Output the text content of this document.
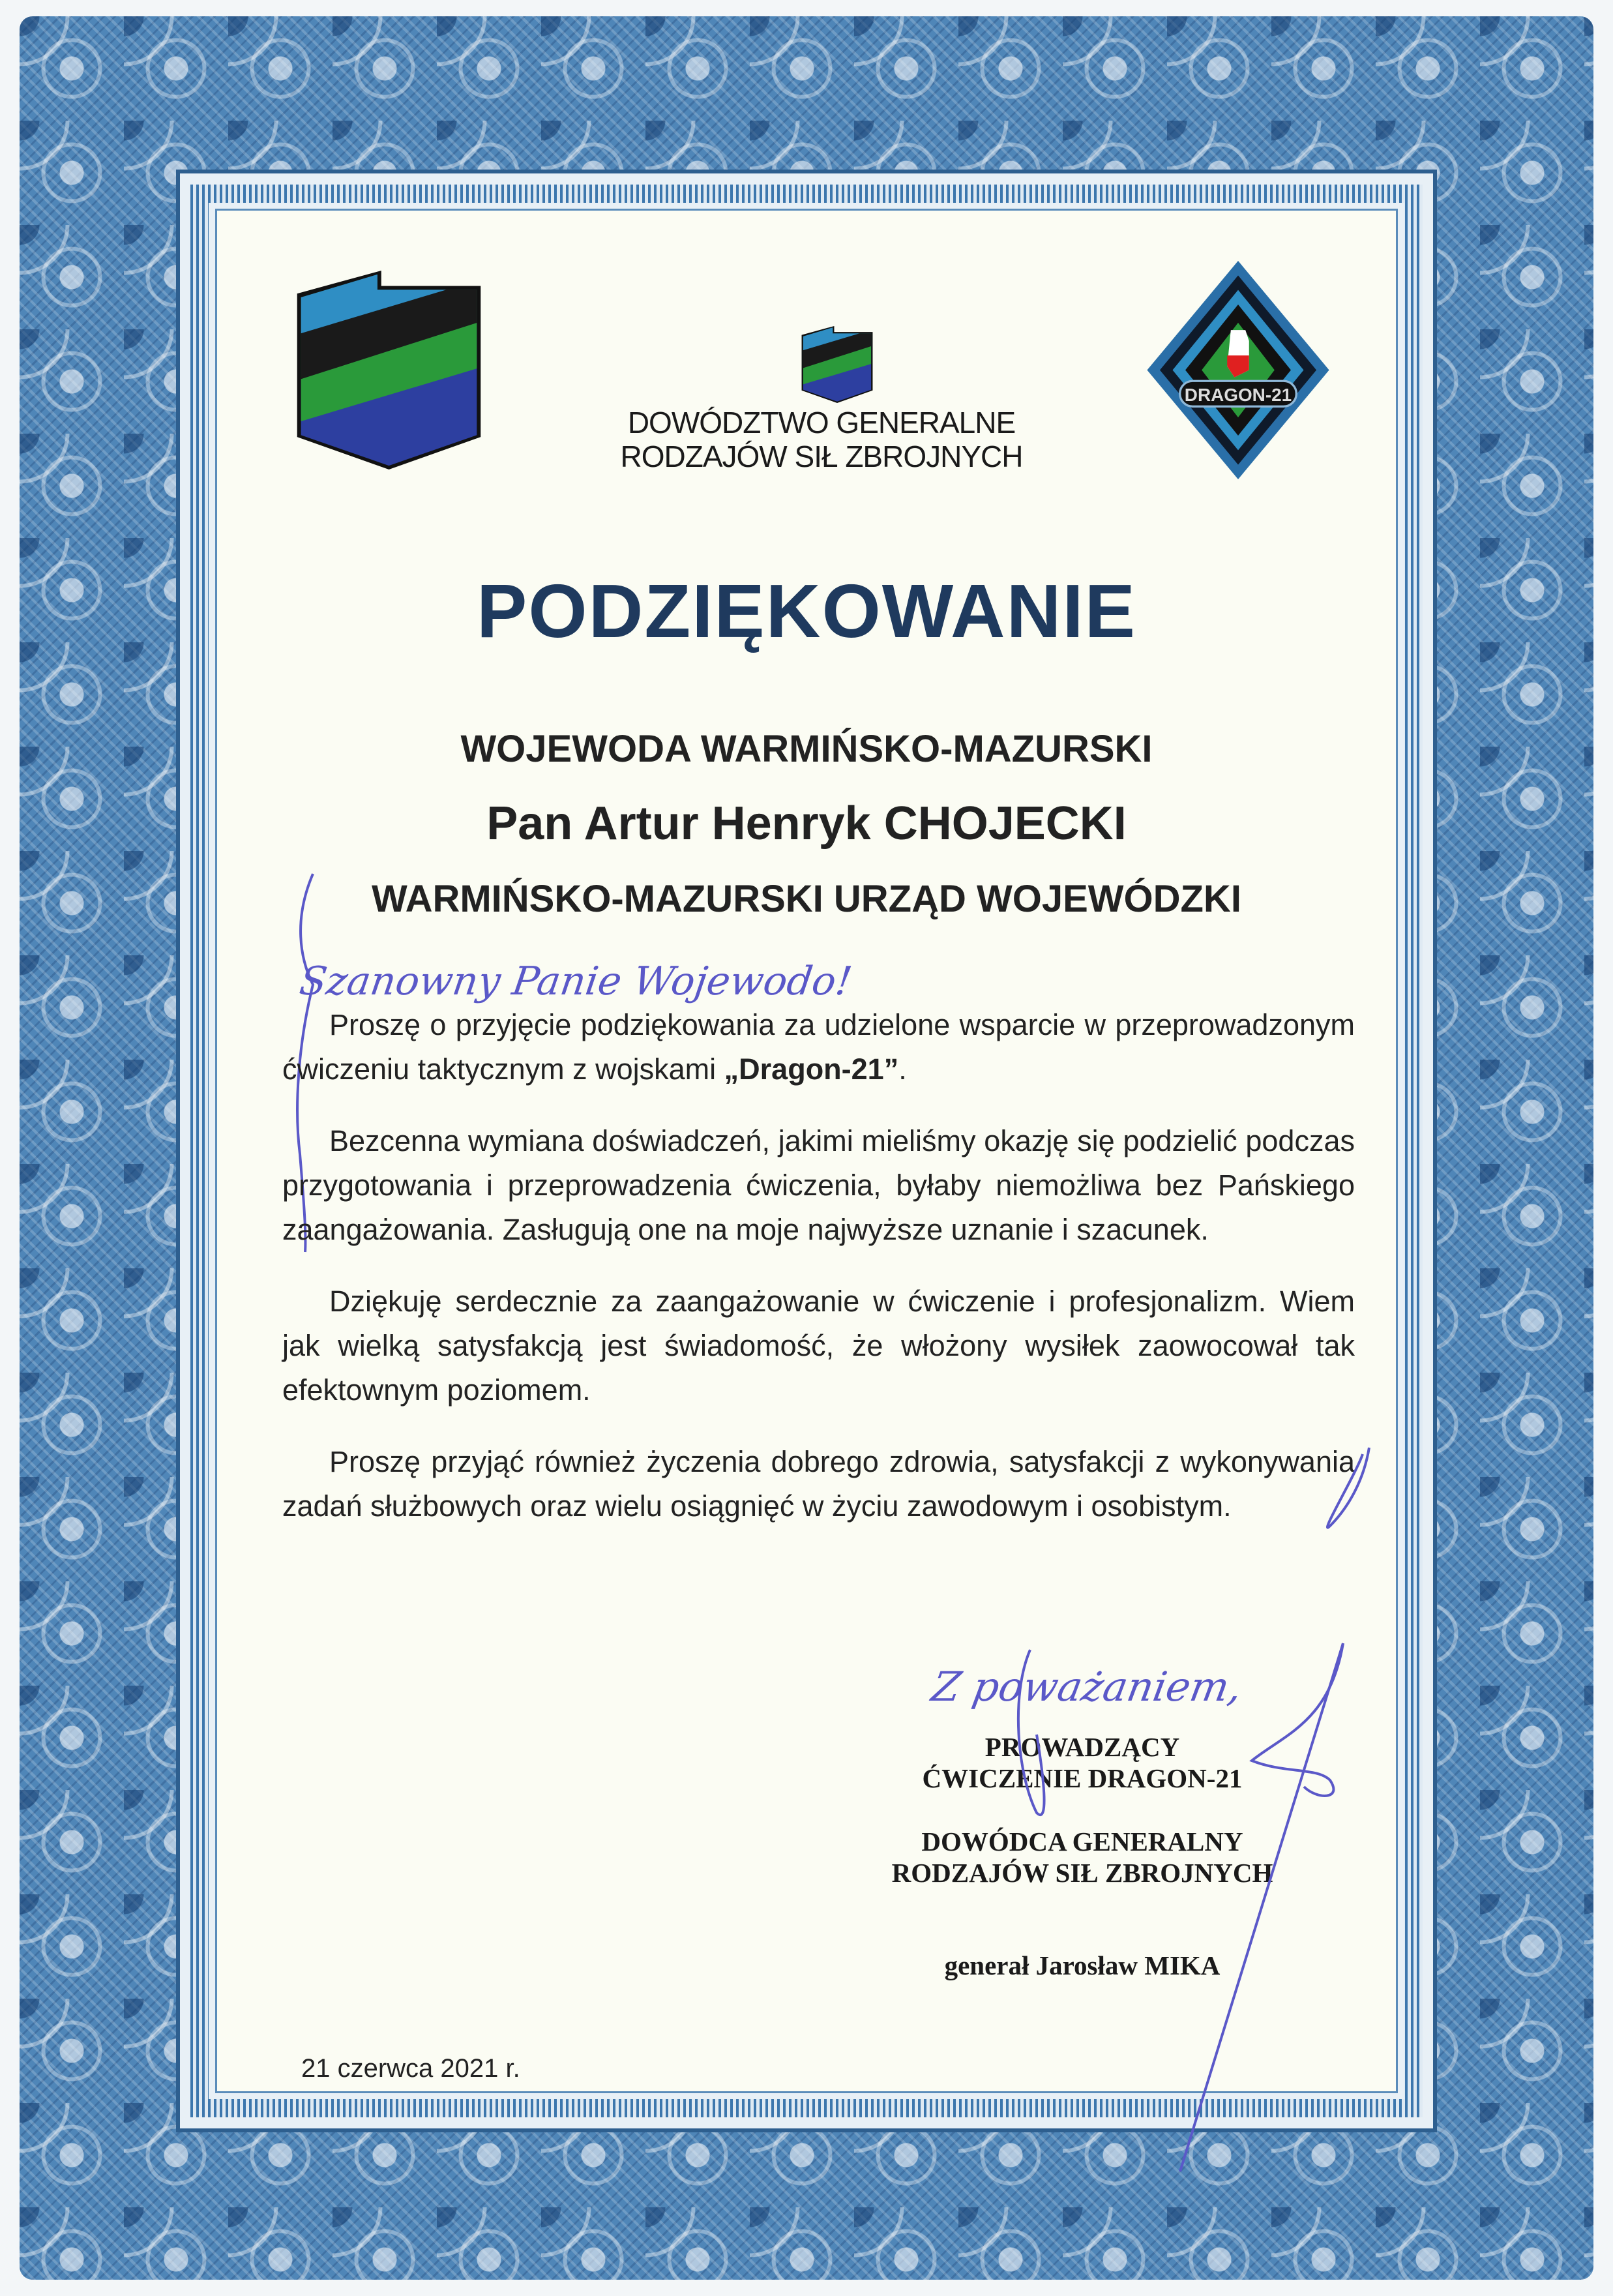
DOWÓDZTWO GENERALNE
RODZAJÓW SIŁ ZBROJNYCH
DRAGON-21
PODZIĘKOWANIE
WOJEWODA WARMIŃSKO-MAZURSKI
Pan Artur Henryk CHOJECKI
WARMIŃSKO-MAZURSKI URZĄD WOJEWÓDZKI
Szanowny Panie Wojewodo!

Proszę o przyjęcie podziękowania za udzielone wsparcie w przeprowadzonym ćwiczeniu taktycznym z wojskami „Dragon-21”.

Bezcenna wymiana doświadczeń, jakimi mieliśmy okazję się podzielić podczas przygotowania i przeprowadzenia ćwiczenia, byłaby niemożliwa bez Pańskiego zaangażowania. Zasługują one na moje najwyższe uznanie i szacunek.

Dziękuję serdecznie za zaangażowanie w ćwiczenie i profesjonalizm. Wiem jak wielką satysfakcją jest świadomość, że włożony wysiłek zaowocował tak efektownym poziomem.

Proszę przyjąć również życzenia dobrego zdrowia, satysfakcji z wykonywania zadań służbowych oraz wielu osiągnięć w życiu zawodowym i osobistym.

Z poważaniem,
PROWADZĄCY
ĆWICZENIE DRAGON-21
DOWÓDCA GENERALNY
RODZAJÓW SIŁ ZBROJNYCH
generał Jarosław MIKA
21 czerwca 2021 r.
